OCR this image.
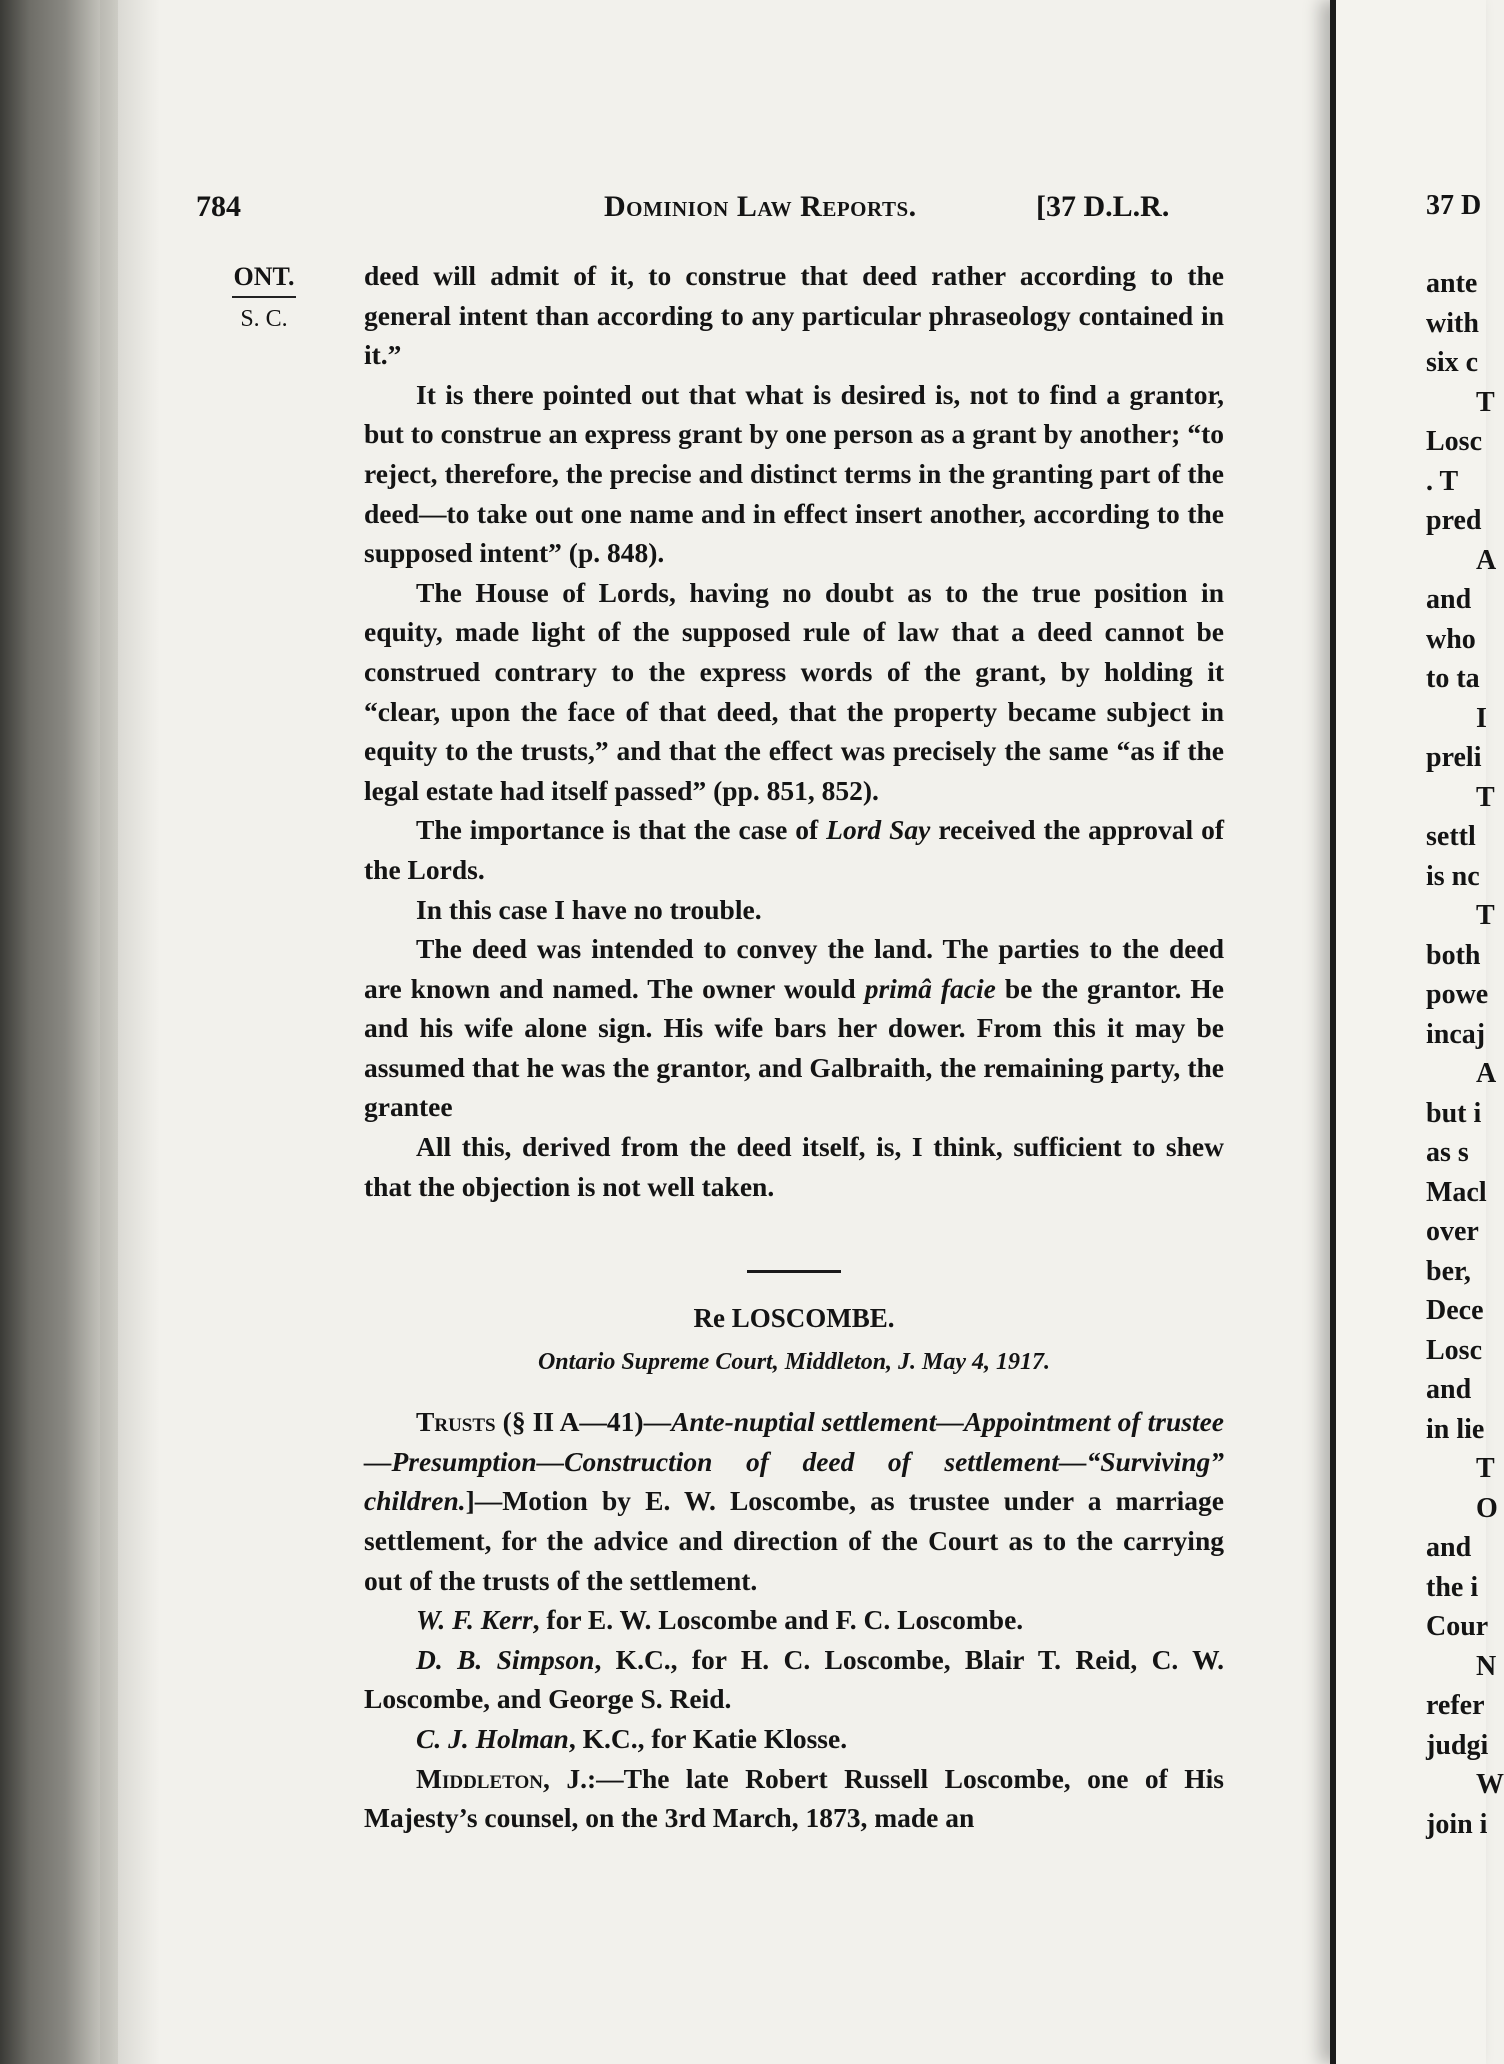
37 D
ante
with
six c
T
Losc
. T
pred
A
and
who
to ta
I
preli
T
settl
is nc
T
both
powe
incaj
A
but i
as s
Macl
over
ber,
Dece
Losc
and
in lie
T
O
and
the i
Cour
N
refer
judgi
W
join i
784	Dominion Law Reports.	[37 D.L.R.
ONT.
S. C.

deed will admit of it, to construe that deed rather according to the general intent than according to any particular phraseology contained in it.”

It is there pointed out that what is desired is, not to find a grantor, but to construe an express grant by one person as a grant by another; “to reject, therefore, the precise and distinct terms in the granting part of the deed—to take out one name and in effect insert another, according to the supposed intent” (p. 848).

The House of Lords, having no doubt as to the true position in equity, made light of the supposed rule of law that a deed cannot be construed contrary to the express words of the grant, by holding it “clear, upon the face of that deed, that the property became subject in equity to the trusts,” and that the effect was precisely the same “as if the legal estate had itself passed” (pp. 851, 852).

The importance is that the case of Lord Say received the approval of the Lords.

In this case I have no trouble.

The deed was intended to convey the land. The parties to the deed are known and named. The owner would primâ facie be the grantor. He and his wife alone sign. His wife bars her dower. From this it may be assumed that he was the grantor, and Galbraith, the remaining party, the grantee

All this, derived from the deed itself, is, I think, sufficient to shew that the objection is not well taken.

Re LOSCOMBE.
Ontario Supreme Court, Middleton, J. May 4, 1917.

Trusts (§ II A—41)—Ante-nuptial settlement—Appointment of trustee—Presumption—Construction of deed of settlement—“Surviving” children.]—Motion by E. W. Loscombe, as trustee under a marriage settlement, for the advice and direction of the Court as to the carrying out of the trusts of the settlement.

W. F. Kerr, for E. W. Loscombe and F. C. Loscombe.

D. B. Simpson, K.C., for H. C. Loscombe, Blair T. Reid, C. W. Loscombe, and George S. Reid.

C. J. Holman, K.C., for Katie Klosse.

Middleton, J.:—The late Robert Russell Loscombe, one of His Majesty’s counsel, on the 3rd March, 1873, made an
